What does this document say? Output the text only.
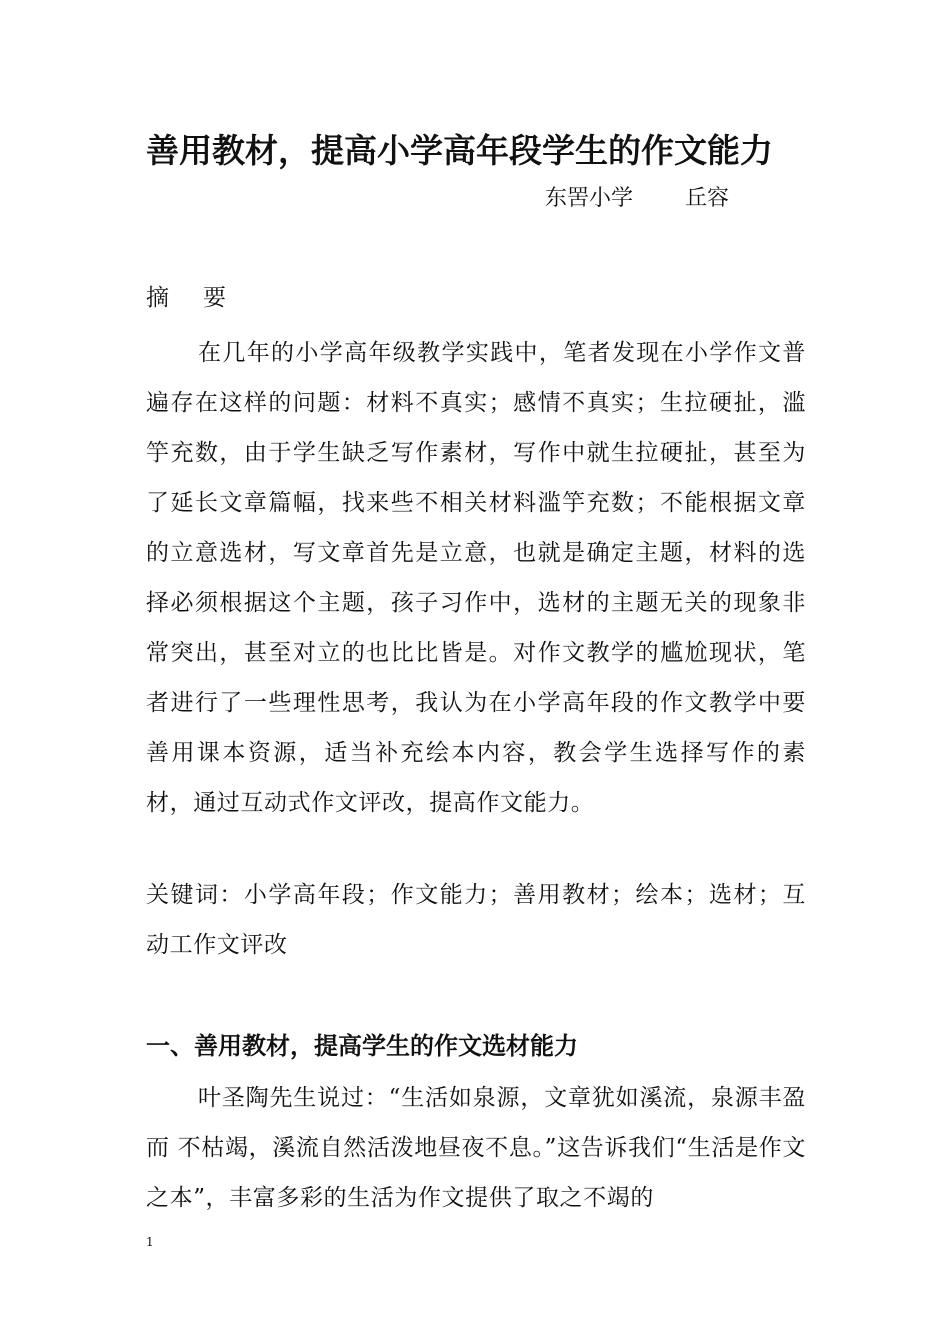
善用教材，提高小学高年段学生的作文能力
东罟小学 丘容
摘 要
在几年的小学高年级教学实践中，笔者发现在小学作文普遍存在这样的问题：材料不真实；感情不真实；生拉硬扯，滥竽充数，由于学生缺乏写作素材，写作中就生拉硬扯，甚至为了延长文章篇幅，找来些不相关材料滥竽充数；不能根据文章的立意选材，写文章首先是立意，也就是确定主题，材料的选择必须根据这个主题，孩子习作中，选材的主题无关的现象非常突出，甚至对立的也比比皆是。对作文教学的尴尬现状，笔者进行了一些理性思考，我认为在小学高年段的作文教学中要善用课本资源，适当补充绘本内容，教会学生选择写作的素材，通过互动式作文评改，提高作文能力。
关键词：小学高年段；作文能力；善用教材；绘本；选材；互动工作文评改
一、善用教材，提高学生的作文选材能力
叶圣陶先生说过：“生活如泉源，文章犹如溪流，泉源丰盈而 不枯竭，溪流自然活泼地昼夜不息。”这告诉我们“生活是作文之本”，丰富多彩的生活为作文提供了取之不竭的
1
